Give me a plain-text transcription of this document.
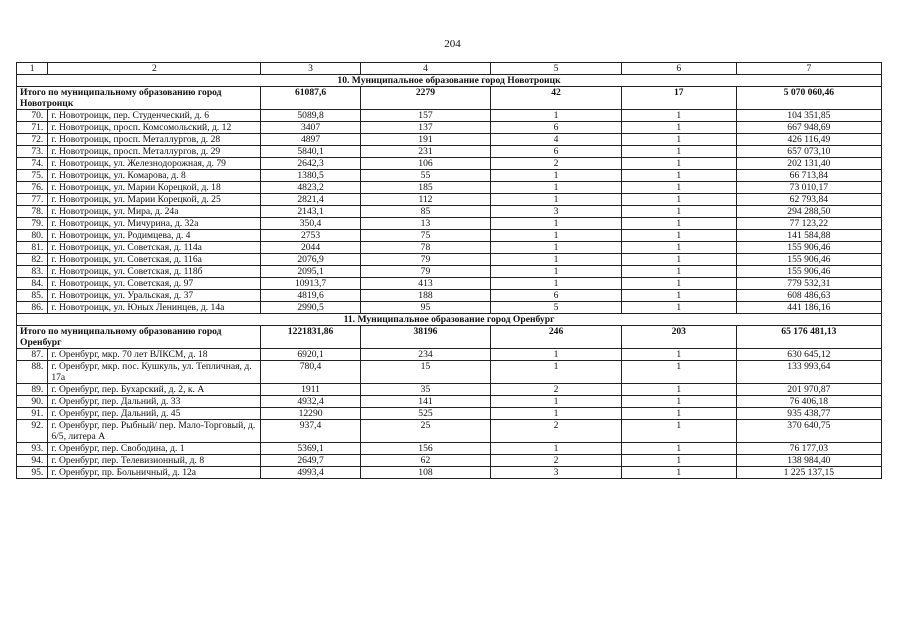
204
1	2	3	4	5	6	7
10. Муниципальное образование город Новотроицк						
Итого по муниципальному образованию город Новотроицк		61087,6	2279	42	17	5 070 060,46
70.	г. Новотроицк, пер. Студенческий, д. 6	5089,8	157	1	1	104 351,85
71.	г. Новотроицк, просп. Комсомольский, д. 12	3407	137	6	1	667 948,69
72.	г. Новотроицк, просп. Металлургов, д. 28	4897	191	4	1	426 116,49
73.	г. Новотроицк, просп. Металлургов, д. 29	5840,1	231	6	1	657 073,10
74.	г. Новотроицк, ул. Железнодорожная, д. 79	2642,3	106	2	1	202 131,40
75.	г. Новотроицк, ул. Комарова, д. 8	1380,5	55	1	1	66 713,84
76.	г. Новотроицк, ул. Марии Корецкой, д. 18	4823,2	185	1	1	73 010,17
77.	г. Новотроицк, ул. Марии Корецкой, д. 25	2821,4	112	1	1	62 793,84
78.	г. Новотроицк, ул. Мира, д. 24а	2143,1	85	3	1	294 288,50
79.	г. Новотроицк, ул. Мичурина, д. 32а	350,4	13	1	1	77 123,22
80.	г. Новотроицк, ул. Родимцева, д. 4	2753	75	1	1	141 584,88
81.	г. Новотроицк, ул. Советская, д. 114а	2044	78	1	1	155 906,46
82.	г. Новотроицк, ул. Советская, д. 116а	2076,9	79	1	1	155 906,46
83.	г. Новотроицк, ул. Советская, д. 118б	2095,1	79	1	1	155 906,46
84.	г. Новотроицк, ул. Советская, д. 97	10913,7	413	1	1	779 532,31
85.	г. Новотроицк, ул. Уральская, д. 37	4819,6	188	6	1	608 486,63
86.	г. Новотроицк, ул. Юных Ленинцев, д. 14а	2990,5	95	5	1	441 186,16
11. Муниципальное образование город Оренбург						
Итого по муниципальному образованию город Оренбург		1221831,86	38196	246	203	65 176 481,13
87.	г. Оренбург, мкр. 70 лет ВЛКСМ, д. 18	6920,1	234	1	1	630 645,12
88.	г. Оренбург, мкр. пос. Кушкуль, ул. Тепличная, д. 17а	780,4	15	1	1	133 993,64
89.	г. Оренбург, пер. Бухарский, д. 2, к. А	1911	35	2	1	201 970,87
90.	г. Оренбург, пер. Дальний, д. 33	4932,4	141	1	1	76 406,18
91.	г. Оренбург, пер. Дальний, д. 45	12290	525	1	1	935 438,77
92.	г. Оренбург, пер. Рыбный/ пер. Мало-Торговый, д. 6/5, литера А	937,4	25	2	1	370 640,75
93.	г. Оренбург, пер. Свободина, д. 1	5369,1	156	1	1	76 177,03
94.	г. Оренбург, пер. Телевизионный, д. 8	2649,7	62	2	1	138 984,40
95.	г. Оренбург, пр. Больничный, д. 12а	4993,4	108	3	1	1 225 137,15
